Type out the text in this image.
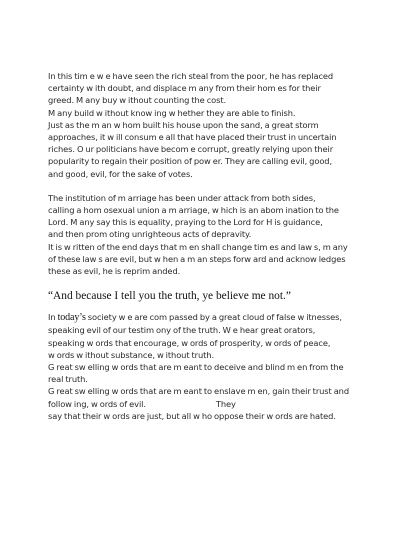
In this tim e w e have seen the rich steal from the poor, he has replaced
certainty w ith doubt, and displace m any from their hom es for their
greed. M any buy w ithout counting the cost.
M any build w ithout know ing w hether they are able to finish.
Just as the m an w hom built his house upon the sand, a great storm
approaches, it w ill consum e all that have placed their trust in uncertain
riches. O ur politicians have becom e corrupt, greatly relying upon their
popularity to regain their position of pow er. They are calling evil, good,
and good, evil, for the sake of votes.
The institution of m arriage has been under attack from both sides,
calling a hom osexual union a m arriage, w hich is an abom ination to the
Lord. M any say this is equality, praying to the Lord for H is guidance,
and then prom oting unrighteous acts of depravity.
It is w ritten of the end days that m en shall change tim es and law s, m any
of these law s are evil, but w hen a m an steps forw ard and acknow ledges
these as evil, he is reprim anded.
“And because I tell you the truth, ye believe me not.”
In today’s society w e are com passed by a great cloud of false w itnesses,
speaking evil of our testim ony of the truth. W e hear great orators,
speaking w ords that encourage, w ords of prosperity, w ords of peace,
w ords w ithout substance, w ithout truth.
G reat sw elling w ords that are m eant to deceive and blind m en from the
real truth.
G reat sw elling w ords that are m eant to enslave m en, gain their trust and
follow ing, w ords of evil.	They
say that their w ords are just, but all w ho oppose their w ords are hated.
